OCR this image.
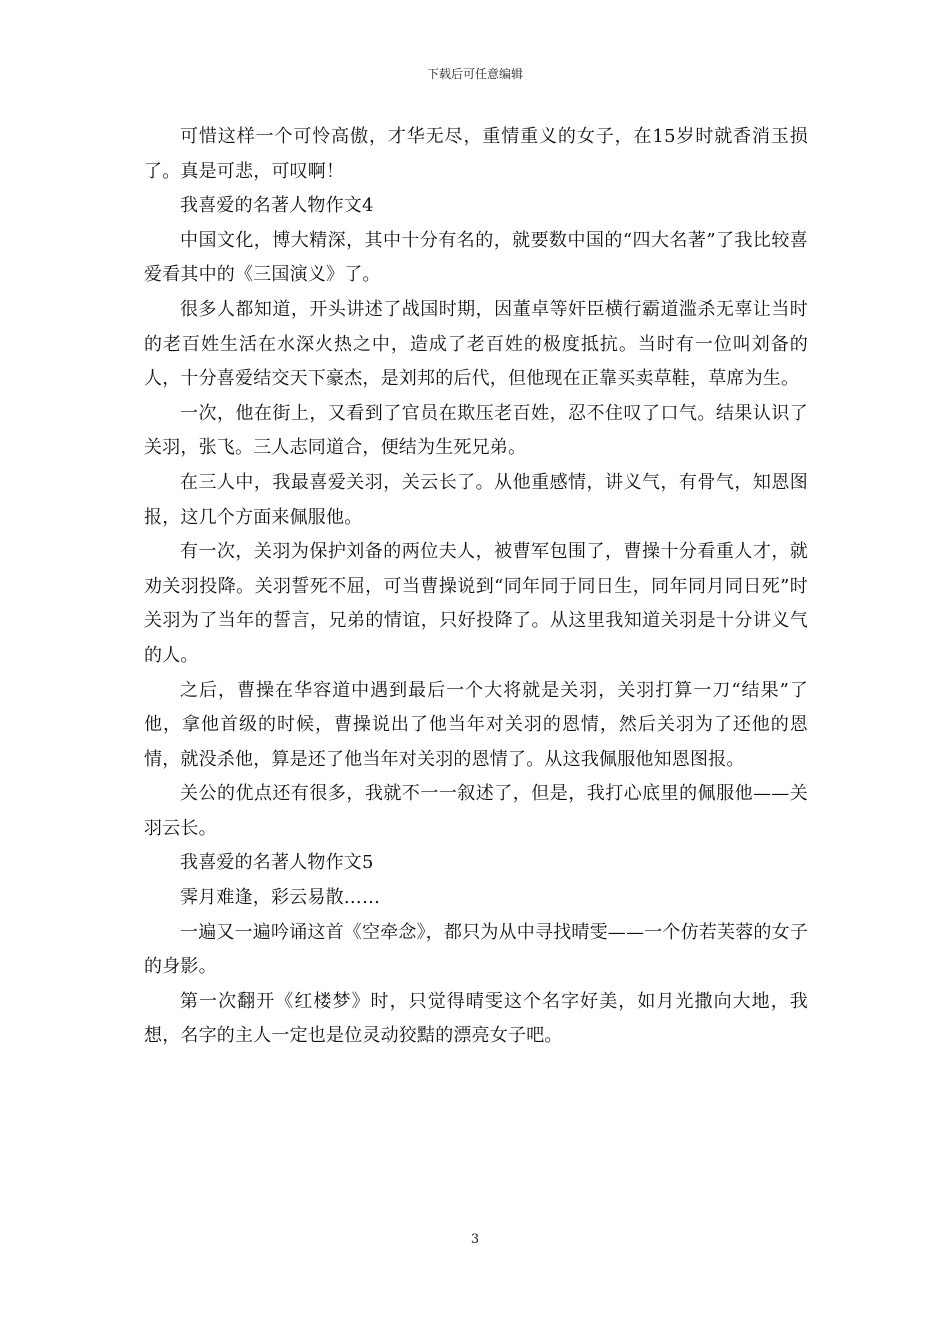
下载后可任意编辑

可惜这样一个可怜高傲，才华无尽，重情重义的女子，在15岁时就香消玉损了。真是可悲，可叹啊！

我喜爱的名著人物作文4

中国文化，博大精深，其中十分有名的，就要数中国的“四大名著”了我比较喜爱看其中的《三国演义》了。

很多人都知道，开头讲述了战国时期，因董卓等奸臣横行霸道滥杀无辜让当时的老百姓生活在水深火热之中，造成了老百姓的极度抵抗。当时有一位叫刘备的人，十分喜爱结交天下豪杰，是刘邦的后代，但他现在正靠买卖草鞋，草席为生。

一次，他在街上，又看到了官员在欺压老百姓，忍不住叹了口气。结果认识了关羽，张飞。三人志同道合，便结为生死兄弟。

在三人中，我最喜爱关羽，关云长了。从他重感情，讲义气，有骨气，知恩图报，这几个方面来佩服他。

有一次，关羽为保护刘备的两位夫人，被曹军包围了，曹操十分看重人才，就劝关羽投降。关羽誓死不屈，可当曹操说到“同年同于同日生，同年同月同日死”时关羽为了当年的誓言，兄弟的情谊，只好投降了。从这里我知道关羽是十分讲义气的人。

之后，曹操在华容道中遇到最后一个大将就是关羽，关羽打算一刀“结果”了他，拿他首级的时候，曹操说出了他当年对关羽的恩情，然后关羽为了还他的恩情，就没杀他，算是还了他当年对关羽的恩情了。从这我佩服他知恩图报。

关公的优点还有很多，我就不一一叙述了，但是，我打心底里的佩服他——关羽云长。

我喜爱的名著人物作文5

霁月难逢，彩云易散……

一遍又一遍吟诵这首《空牵念》，都只为从中寻找晴雯——一个仿若芙蓉的女子的身影。

第一次翻开《红楼梦》时，只觉得晴雯这个名字好美，如月光撒向大地，我想，名字的主人一定也是位灵动狡黠的漂亮女子吧。

3
